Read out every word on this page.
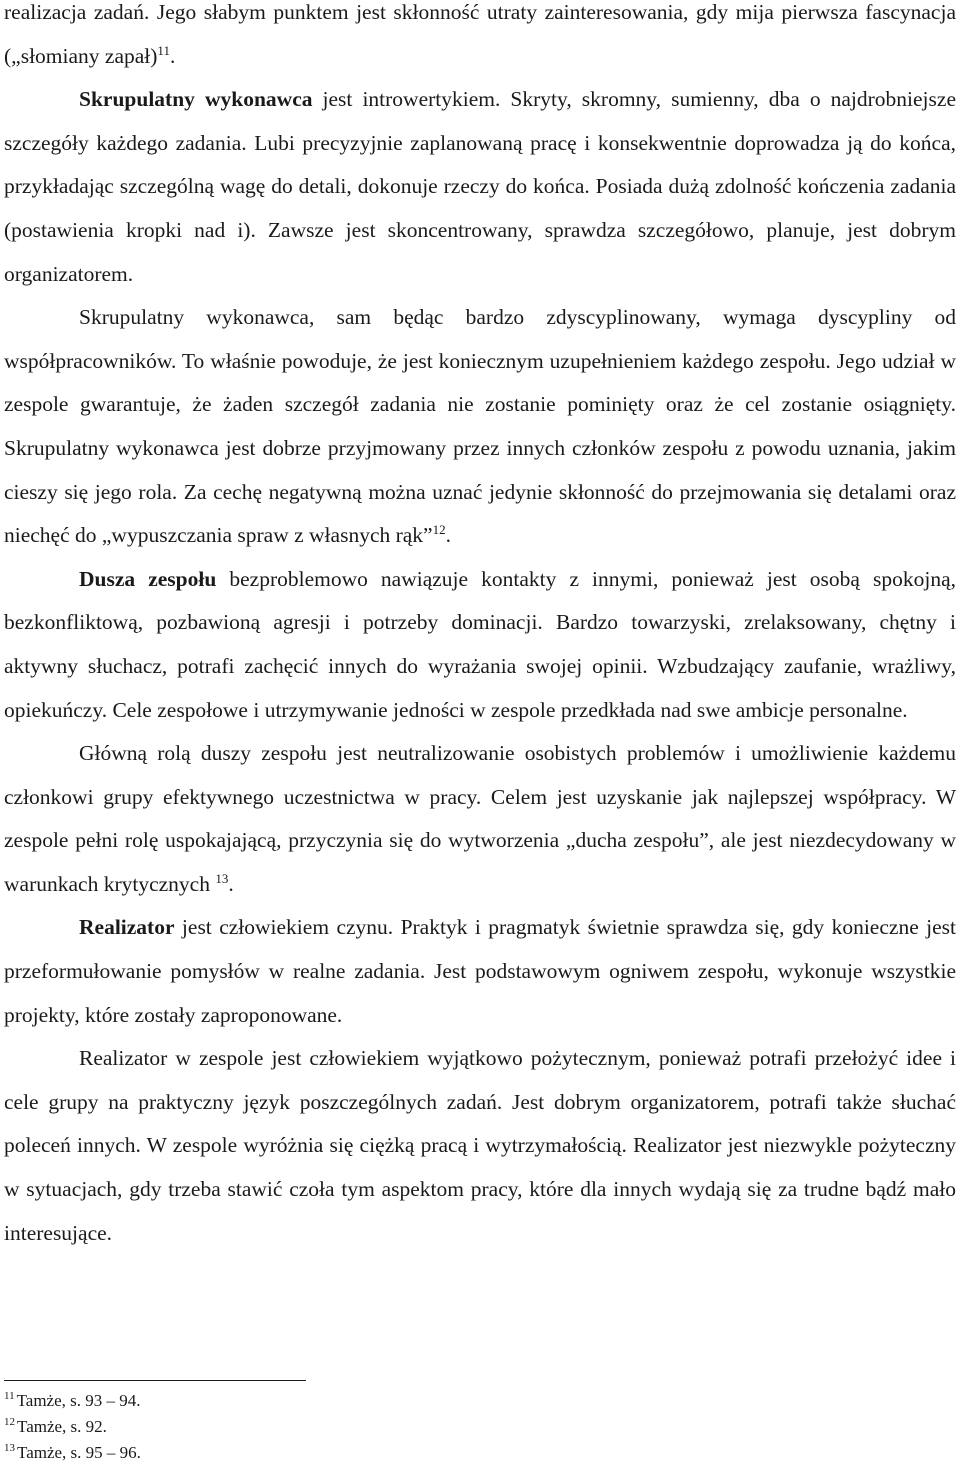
realizacja zadań. Jego słabym punktem jest skłonność utraty zainteresowania, gdy mija pierwsza fascynacja („słomiany zapał)$^{11}$.

Skrupulatny wykonawca jest introwertykiem. Skryty, skromny, sumienny, dba o najdrobniejsze szczegóły każdego zadania. Lubi precyzyjnie zaplanowaną pracę i konsekwentnie doprowadza ją do końca, przykładając szczególną wagę do detali, dokonuje rzeczy do końca. Posiada dużą zdolność kończenia zadania (postawienia kropki nad i). Zawsze jest skoncentrowany, sprawdza szczegółowo, planuje, jest dobrym organizatorem.

Skrupulatny wykonawca, sam będąc bardzo zdyscyplinowany, wymaga dyscypliny od współpracowników. To właśnie powoduje, że jest koniecznym uzupełnieniem każdego zespołu. Jego udział w zespole gwarantuje, że żaden szczegół zadania nie zostanie pominięty oraz że cel zostanie osiągnięty. Skrupulatny wykonawca jest dobrze przyjmowany przez innych członków zespołu z powodu uznania, jakim cieszy się jego rola. Za cechę negatywną można uznać jedynie skłonność do przejmowania się detalami oraz niechęć do „wypuszczania spraw z własnych rąk”$^{12}$.

Dusza zespołu bezproblemowo nawiązuje kontakty z innymi, ponieważ jest osobą spokojną, bezkonfliktową, pozbawioną agresji i potrzeby dominacji. Bardzo towarzyski, zrelaksowany, chętny i aktywny słuchacz, potrafi zachęcić innych do wyrażania swojej opinii. Wzbudzający zaufanie, wrażliwy, opiekuńczy. Cele zespołowe i utrzymywanie jedności w zespole przedkłada nad swe ambicje personalne.

Główną rolą duszy zespołu jest neutralizowanie osobistych problemów i umożliwienie każdemu członkowi grupy efektywnego uczestnictwa w pracy. Celem jest uzyskanie jak najlepszej współpracy. W zespole pełni rolę uspokajającą, przyczynia się do wytworzenia „ducha zespołu”, ale jest niezdecydowany w warunkach krytycznych $^{13}$.

Realizator jest człowiekiem czynu. Praktyk i pragmatyk świetnie sprawdza się, gdy konieczne jest przeformułowanie pomysłów w realne zadania. Jest podstawowym ogniwem zespołu, wykonuje wszystkie projekty, które zostały zaproponowane.

Realizator w zespole jest człowiekiem wyjątkowo pożytecznym, ponieważ potrafi przełożyć idee i cele grupy na praktyczny język poszczególnych zadań. Jest dobrym organizatorem, potrafi także słuchać poleceń innych. W zespole wyróżnia się ciężką pracą i wytrzymałością. Realizator jest niezwykle pożyteczny w sytuacjach, gdy trzeba stawić czoła tym aspektom pracy, które dla innych wydają się za trudne bądź mało interesujące.

$^{11}$ Tamże, s. 93 – 94.

$^{12}$ Tamże, s. 92.

$^{13}$ Tamże, s. 95 – 96.
